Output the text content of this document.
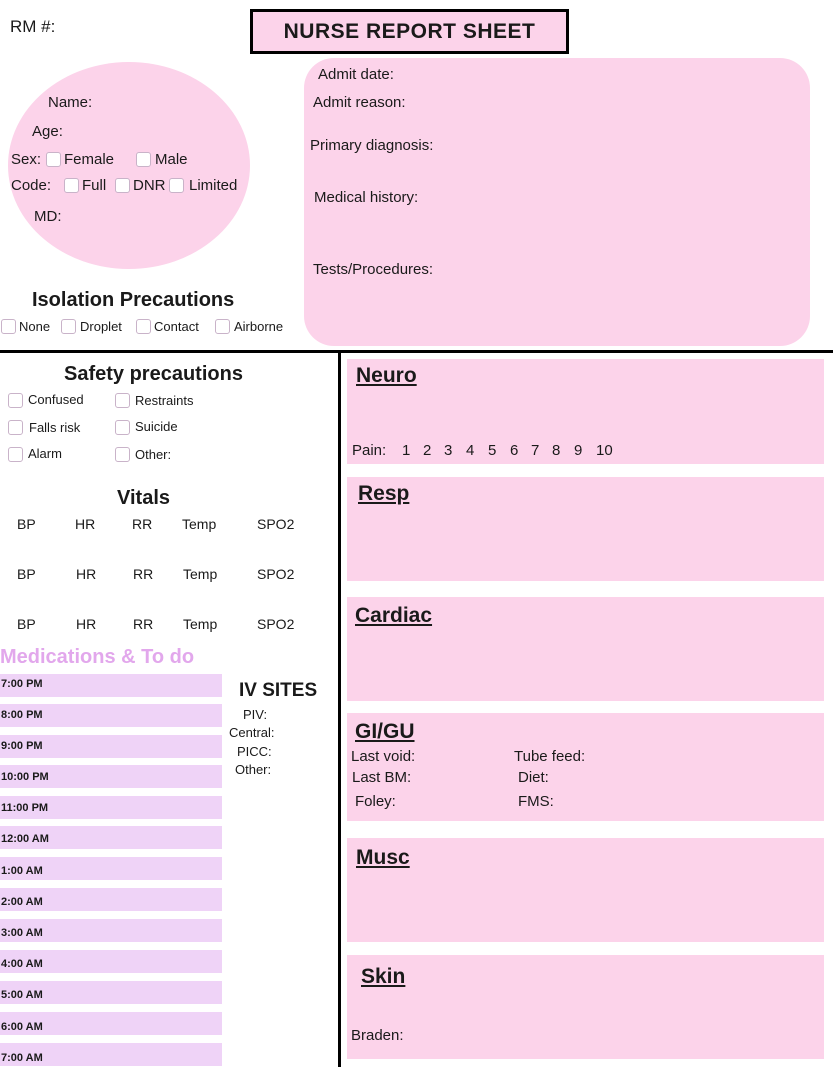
RM #:	NURSE REPORT SHEET
Name:
Age:
Sex: Female	Male
Code: Full DNR Limited
MD:
Admit date:
Admit reason:
Primary diagnosis:
Medical history:
Tests/Procedures:
Isolation Precautions
None Droplet Contact	Airborne
Safety precautions
Confused	Restraints
Falls risk	Suicide
Alarm	Other:
Vitals
BP	HR	RR Temp	SPO2
BP	HR	RR Temp	SPO2
BP	HR	RR Temp	SPO2
Medications & To do
7:00 PM
8:00 PM
9:00 PM
10:00 PM
11:00 PM
12:00 AM
1:00 AM
2:00 AM
3:00 AM
4:00 AM
5:00 AM
6:00 AM
7:00 AM
IV SITES
PIV:
Central:
PICC:
Other:
Neuro
Pain: 1 2 3 4 5 6 7 8 9 10
Resp
Cardiac
GI/GU
Last void:	Tube feed:
Last BM:	Diet:
Foley:	FMS:
Musc
Skin
Braden:
